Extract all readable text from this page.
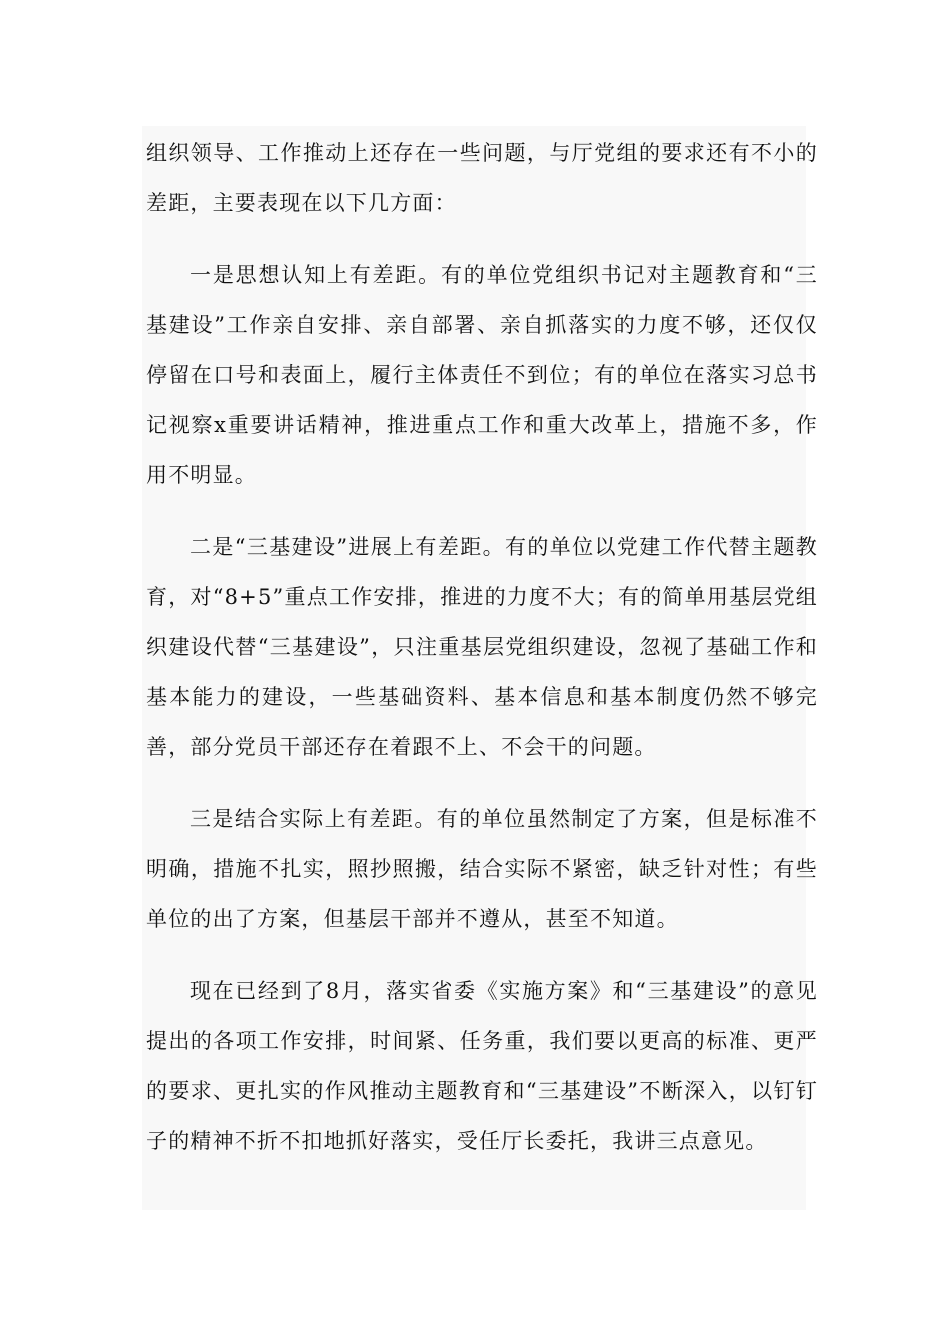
组织领导、工作推动上还存在一些问题，与厅党组的要求还有不小的差距，主要表现在以下几方面：

一是思想认知上有差距。有的单位党组织书记对主题教育和“三基建设”工作亲自安排、亲自部署、亲自抓落实的力度不够，还仅仅停留在口号和表面上，履行主体责任不到位；有的单位在落实习总书记视察x重要讲话精神，推进重点工作和重大改革上，措施不多，作用不明显。

二是“三基建设”进展上有差距。有的单位以党建工作代替主题教育，对“8+5”重点工作安排，推进的力度不大；有的简单用基层党组织建设代替“三基建设”，只注重基层党组织建设，忽视了基础工作和基本能力的建设，一些基础资料、基本信息和基本制度仍然不够完善，部分党员干部还存在着跟不上、不会干的问题。

三是结合实际上有差距。有的单位虽然制定了方案，但是标准不明确，措施不扎实，照抄照搬，结合实际不紧密，缺乏针对性；有些单位的出了方案，但基层干部并不遵从，甚至不知道。

现在已经到了8月，落实省委《实施方案》和“三基建设”的意见提出的各项工作安排，时间紧、任务重，我们要以更高的标准、更严的要求、更扎实的作风推动主题教育和“三基建设”不断深入，以钉钉子的精神不折不扣地抓好落实，受任厅长委托，我讲三点意见。
